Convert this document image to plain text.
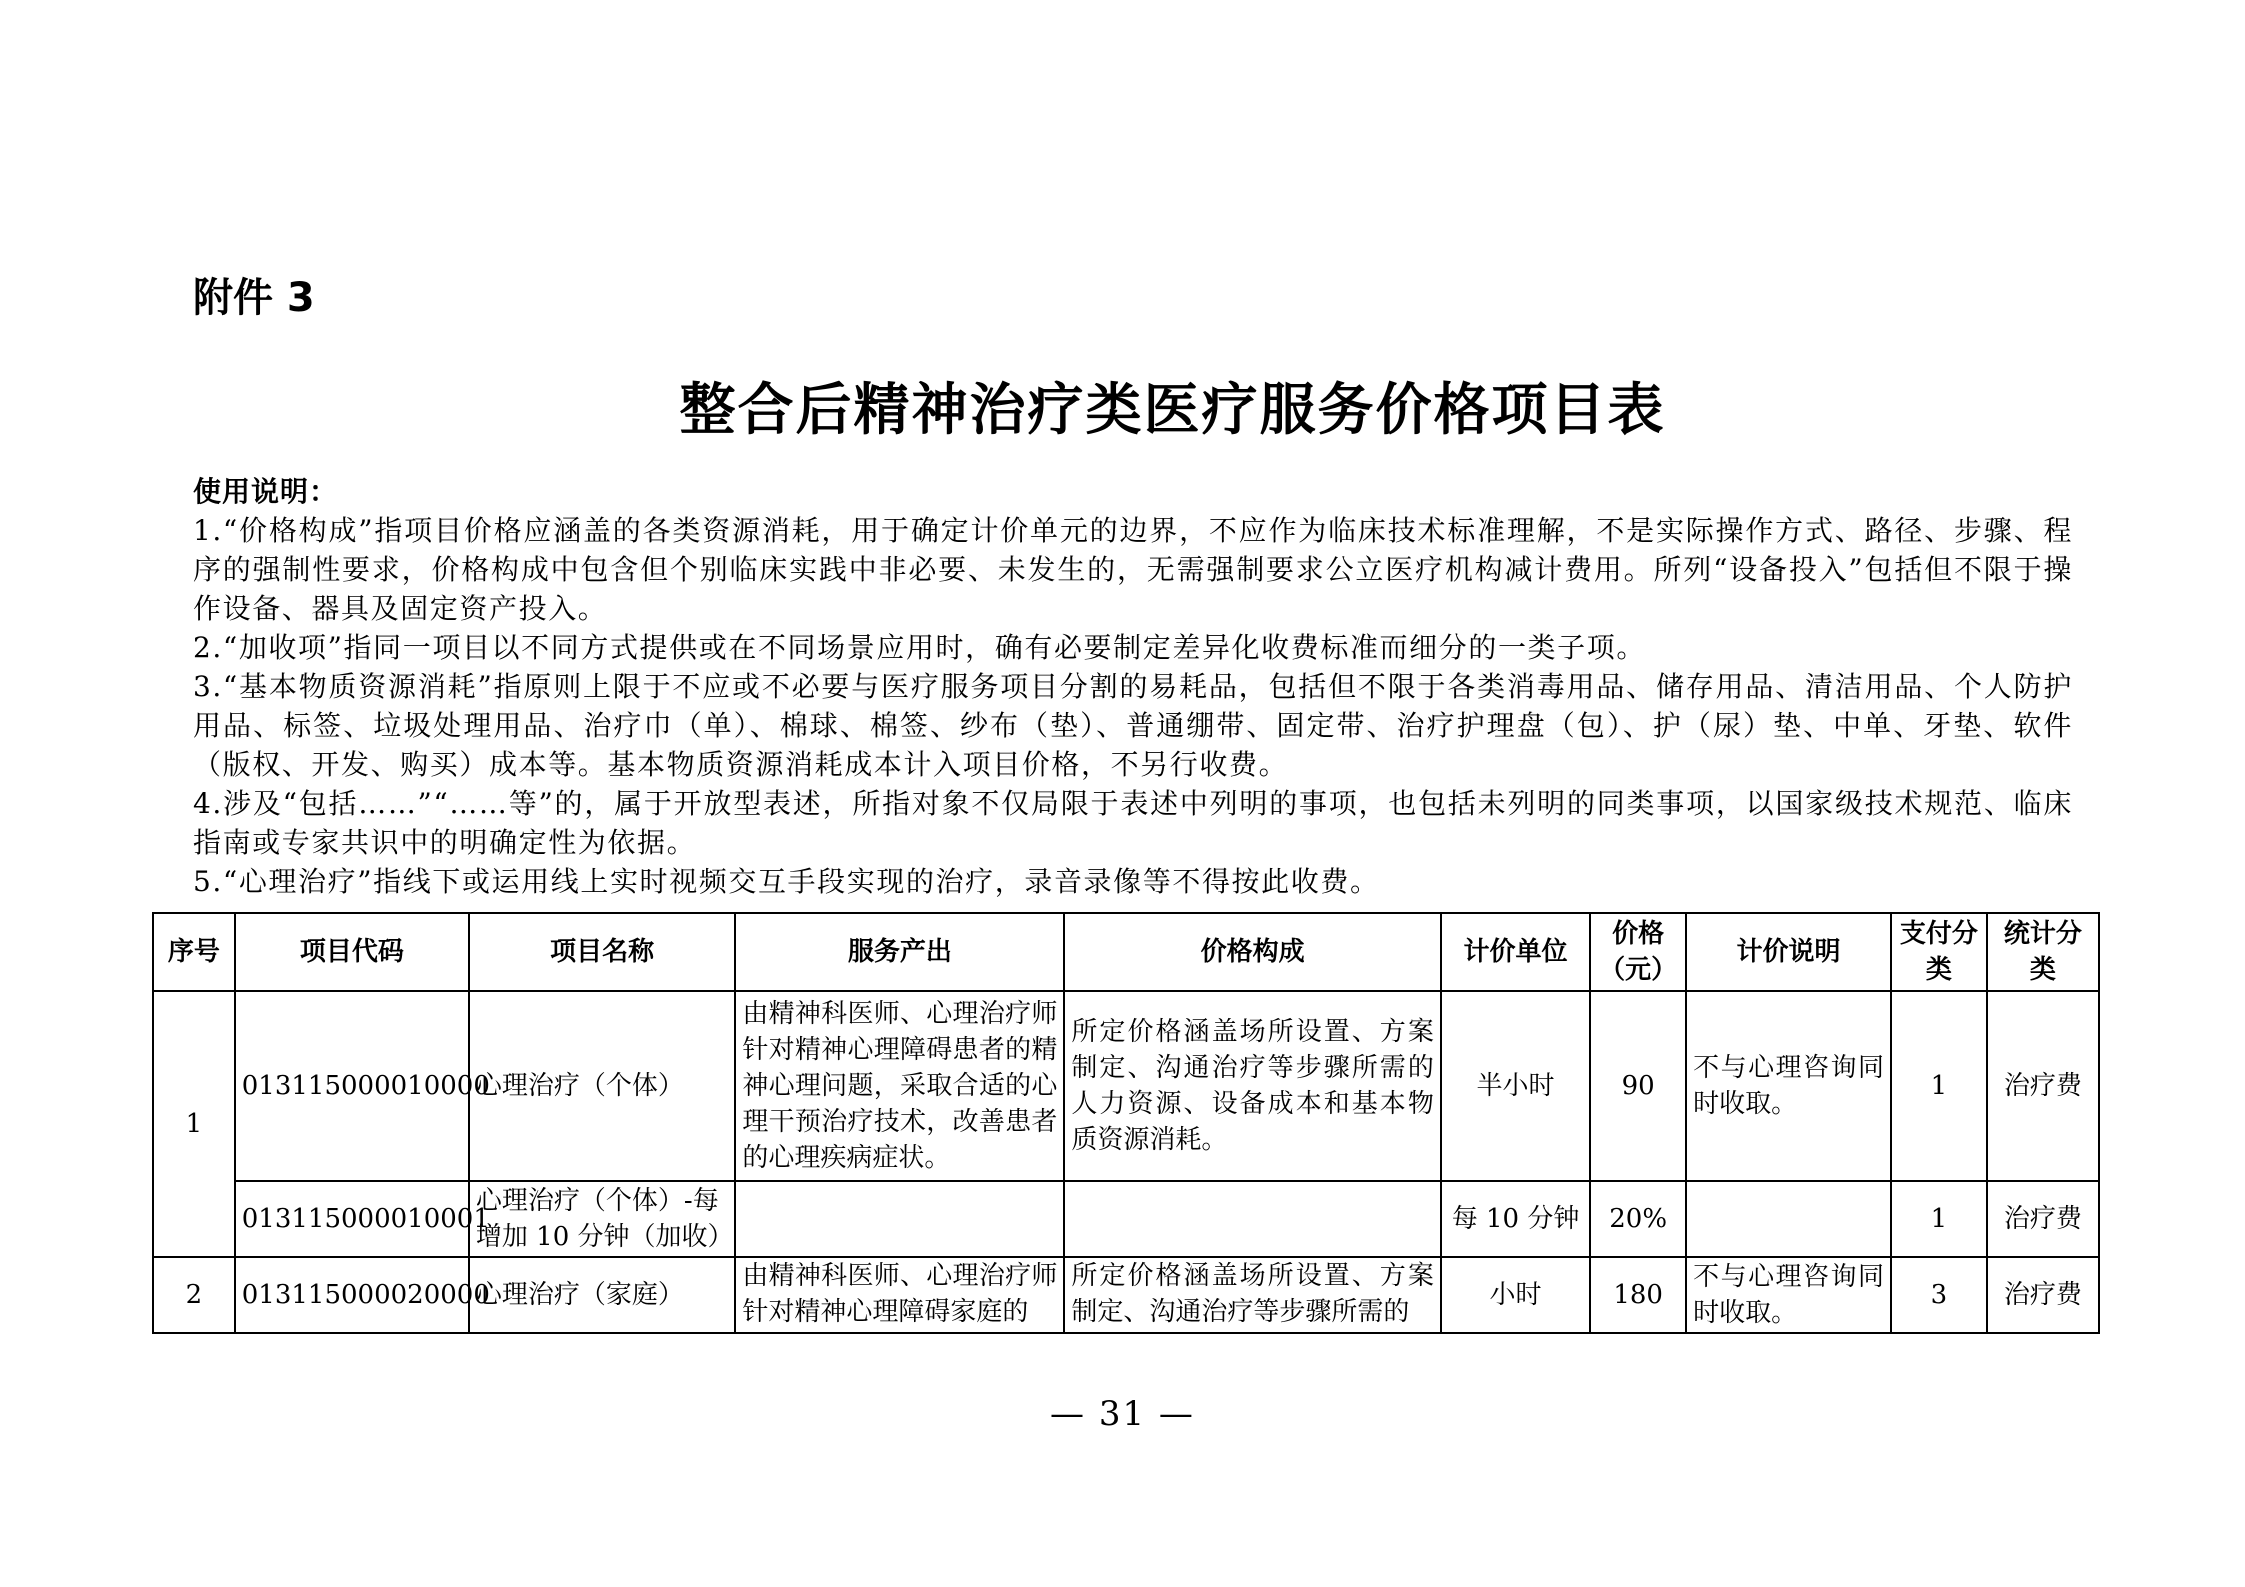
附件 3

整合后精神治疗类医疗服务价格项目表

使用说明：

1.“价格构成”指项目价格应涵盖的各类资源消耗，用于确定计价单元的边界，不应作为临床技术标准理解，不是实际操作方式、路径、步骤、程序的强制性要求，价格构成中包含但个别临床实践中非必要、未发生的，无需强制要求公立医疗机构减计费用。所列“设备投入”包括但不限于操作设备、器具及固定资产投入。

2.“加收项”指同一项目以不同方式提供或在不同场景应用时，确有必要制定差异化收费标准而细分的一类子项。

3.“基本物质资源消耗”指原则上限于不应或不必要与医疗服务项目分割的易耗品，包括但不限于各类消毒用品、储存用品、清洁用品、个人防护用品、标签、垃圾处理用品、治疗巾（单）、棉球、棉签、纱布（垫）、普通绷带、固定带、治疗护理盘（包）、护（尿）垫、中单、牙垫、软件（版权、开发、购买）成本等。基本物质资源消耗成本计入项目价格，不另行收费。

4.涉及“包括……”“……等”的，属于开放型表述，所指对象不仅局限于表述中列明的事项，也包括未列明的同类事项，以国家级技术规范、临床指南或专家共识中的明确定性为依据。

5.“心理治疗”指线下或运用线上实时视频交互手段实现的治疗，录音录像等不得按此收费。

序号	项目代码	项目名称	服务产出	价格构成	计价单位	价格（元）	计价说明	支付分类	统计分类
1	013115000010000	心理治疗（个体）	由精神科医师、心理治疗师针对精神心理障碍患者的精神心理问题，采取合适的心理干预治疗技术，改善患者的心理疾病症状。	所定价格涵盖场所设置、方案制定、沟通治疗等步骤所需的人力资源、设备成本和基本物质资源消耗。	半小时	90	不与心理咨询同时收取。	1	治疗费
	013115000010001	心理治疗（个体）-每增加 10 分钟（加收）			每 10 分钟	20%		1	治疗费
2	013115000020000	心理治疗（家庭）	由精神科医师、心理治疗师针对精神心理障碍家庭的	所定价格涵盖场所设置、方案制定、沟通治疗等步骤所需的	小时	180	不与心理咨询同时收取。	3	治疗费

— 31 —
